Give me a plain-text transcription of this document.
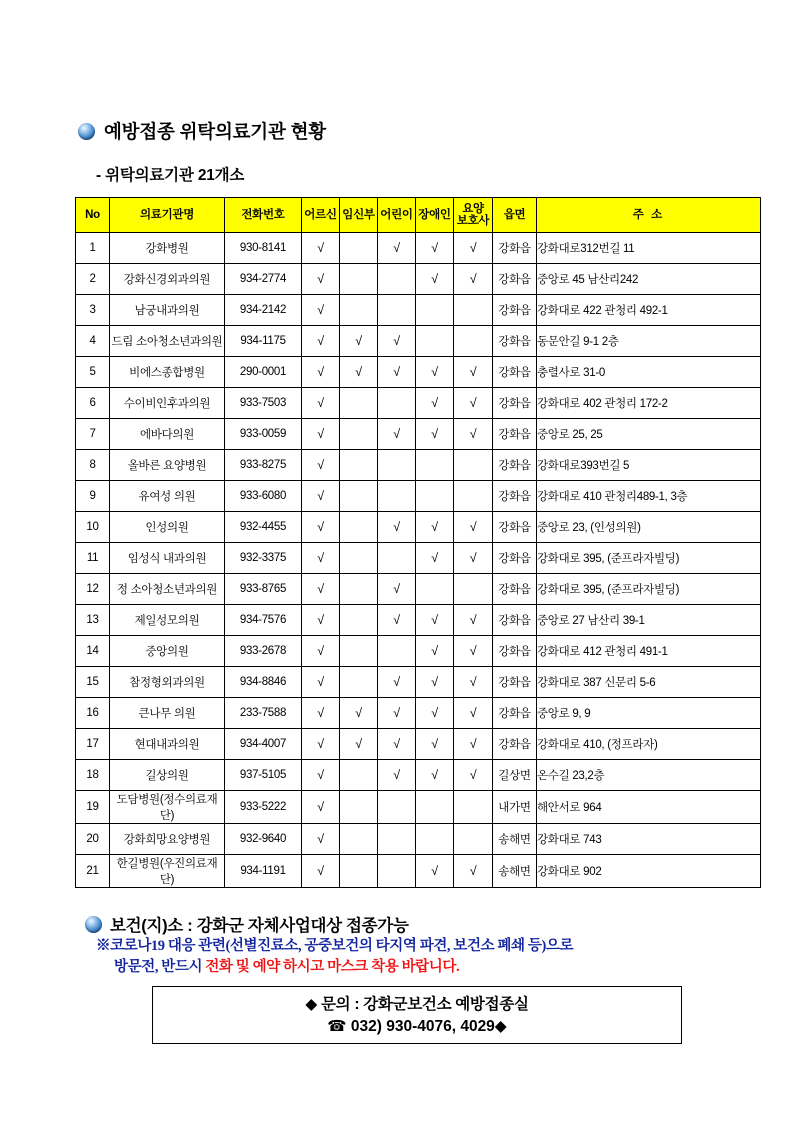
예방접종 위탁의료기관 현황
- 위탁의료기관 21개소
No	의료기관명	전화번호	어르신	임신부	어린이	장애인	요양
보호사	읍면	주 소
1	강화병원	930-8141	√		√	√	√	강화읍	강화대로312번길 11
2	강화신경외과의원	934-2774	√			√	√	강화읍	중앙로 45 남산리242
3	남궁내과의원	934-2142	√					강화읍	강화대로 422 관청리 492-1
4	드림 소아청소년과의원	934-1175	√	√	√			강화읍	동문안길 9-1 2층
5	비에스종합병원	290-0001	√	√	√	√	√	강화읍	충렬사로 31-0
6	수이비인후과의원	933-7503	√			√	√	강화읍	강화대로 402 관청리 172-2
7	에바다의원	933-0059	√		√	√	√	강화읍	중앙로 25, 25
8	올바른 요양병원	933-8275	√					강화읍	강화대로393번길 5
9	유여성 의원	933-6080	√					강화읍	강화대로 410 관청리489-1, 3층
10	인성의원	932-4455	√		√	√	√	강화읍	중앙로 23, (인성의원)
11	임성식 내과의원	932-3375	√			√	√	강화읍	강화대로 395, (준프라자빌딩)
12	정 소아청소년과의원	933-8765	√		√			강화읍	강화대로 395, (준프라자빌딩)
13	제일성모의원	934-7576	√		√	√	√	강화읍	중앙로 27 남산리 39-1
14	중앙의원	933-2678	√			√	√	강화읍	강화대로 412 관청리 491-1
15	참정형외과의원	934-8846	√		√	√	√	강화읍	강화대로 387 신문리 5-6
16	큰나무 의원	233-7588	√	√	√	√	√	강화읍	중앙로 9, 9
17	현대내과의원	934-4007	√	√	√	√	√	강화읍	강화대로 410, (정프라자)
18	길상의원	937-5105	√		√	√	√	길상면	온수길 23,2층
19	도담병원(정수의료재단)	933-5222	√					내가면	해안서로 964
20	강화희망요양병원	932-9640	√					송해면	강화대로 743
21	한길병원(우진의료재단)	934-1191	√			√	√	송해면	강화대로 902
보건(지)소 : 강화군 자체사업대상 접종가능
※코로나19 대응 관련(선별진료소, 공중보건의 타지역 파견, 보건소 폐쇄 등)으로
방문전, 반드시 전화 및 예약 하시고 마스크 착용 바랍니다.
◆ 문의 : 강화군보건소 예방접종실
☎ 032) 930-4076, 4029◆
